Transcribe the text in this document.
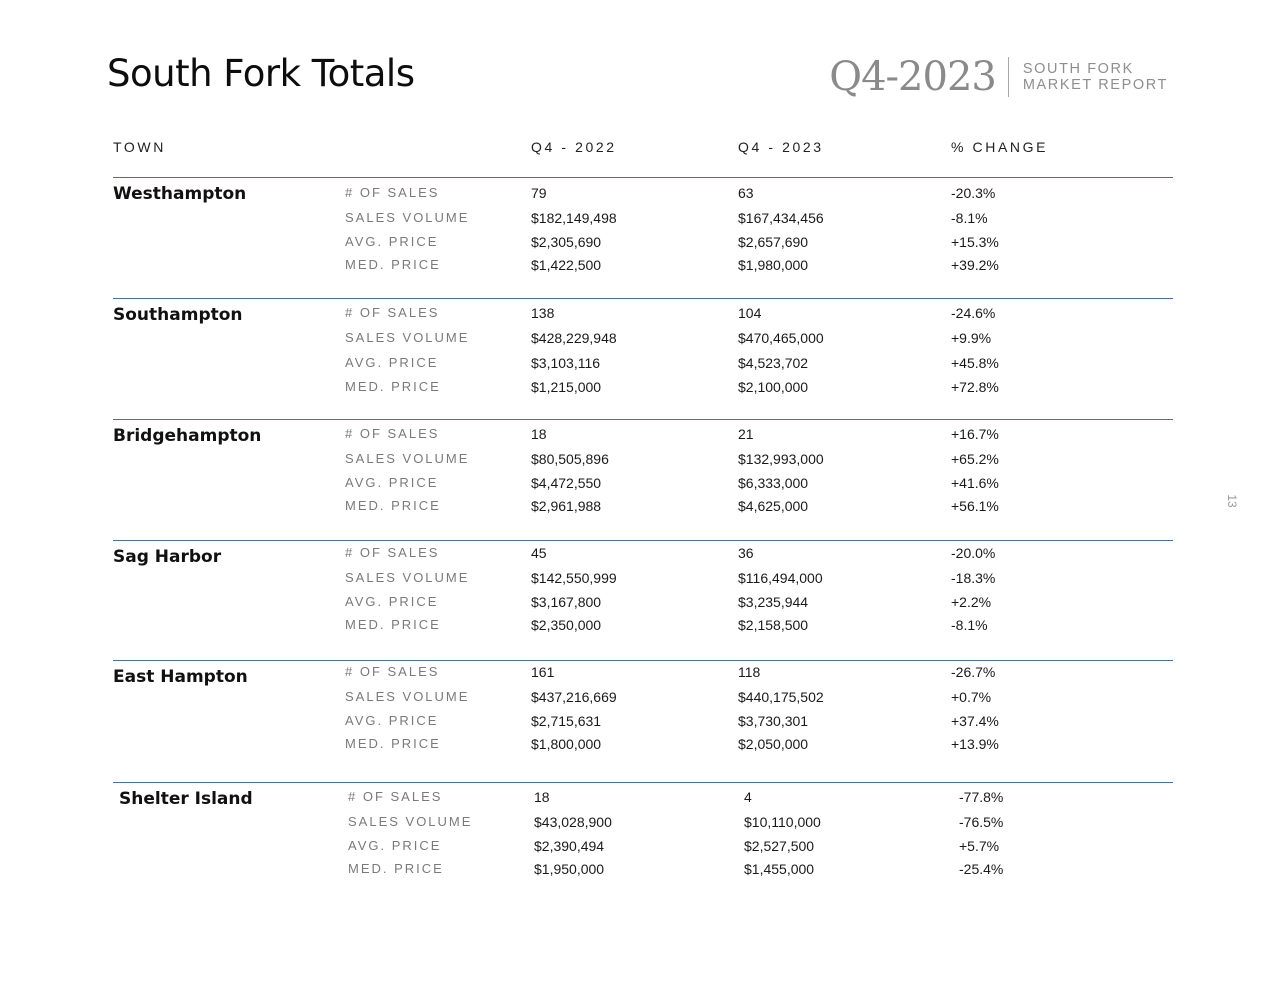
South Fork Totals	Q4-2023 SOUTH FORK
MARKET REPORT
TOWN	Q4 - 2022	Q4 - 2023	% CHANGE
Westhampton	# OF SALES	79	63	-20.3%
SALES VOLUME	$182,149,498	$167,434,456	-8.1%
AVG. PRICE	$2,305,690	$2,657,690	+15.3%
MED. PRICE	$1,422,500	$1,980,000	+39.2%
Southampton	# OF SALES	138	104	-24.6%
SALES VOLUME	$428,229,948	$470,465,000	+9.9%
AVG. PRICE	$3,103,116	$4,523,702	+45.8%
MED. PRICE	$1,215,000	$2,100,000	+72.8%
Bridgehampton	# OF SALES	18	21	+16.7%
SALES VOLUME	$80,505,896	$132,993,000	+65.2%
AVG. PRICE	$4,472,550	$6,333,000	+41.6%
MED. PRICE	$2,961,988	$4,625,000	+56.1%
Sag Harbor	# OF SALES	45	36	-20.0%
SALES VOLUME	$142,550,999	$116,494,000	-18.3%
AVG. PRICE	$3,167,800	$3,235,944	+2.2%
MED. PRICE	$2,350,000	$2,158,500	-8.1%
East Hampton	# OF SALES	161	118	-26.7%
SALES VOLUME	$437,216,669	$440,175,502	+0.7%
AVG. PRICE	$2,715,631	$3,730,301	+37.4%
MED. PRICE	$1,800,000	$2,050,000	+13.9%
Shelter Island	# OF SALES	18	4	-77.8%
SALES VOLUME	$43,028,900	$10,110,000	-76.5%
AVG. PRICE	$2,390,494	$2,527,500	+5.7%
MED. PRICE	$1,950,000	$1,455,000	-25.4%
13
